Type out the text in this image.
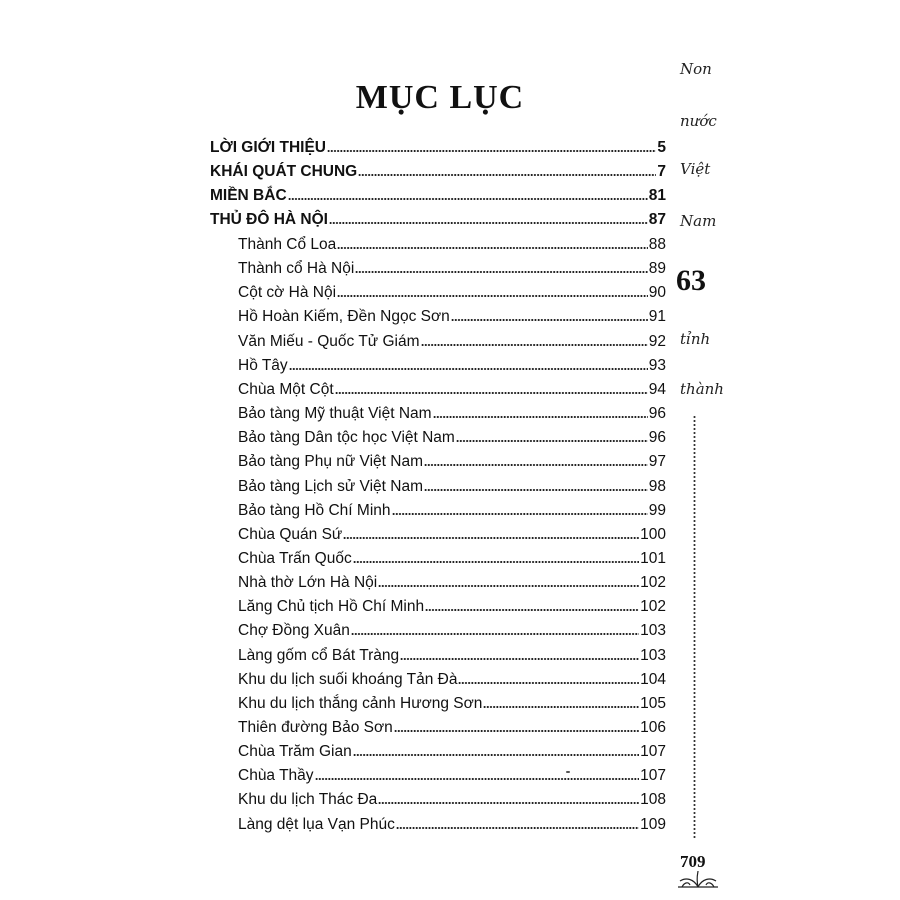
MỤC LỤC
LỜI GIỚI THIỆU	5
KHÁI QUÁT CHUNG	7
MIỀN BẮC	81
THỦ ĐÔ HÀ NỘI	87
Thành Cổ Loa	88
Thành cổ Hà Nội	89
Cột cờ Hà Nội	90
Hồ Hoàn Kiếm, Đền Ngọc Sơn	91
Văn Miếu - Quốc Tử Giám	92
Hồ Tây	93
Chùa Một Cột	94
Bảo tàng Mỹ thuật Việt Nam	96
Bảo tàng Dân tộc học Việt Nam	96
Bảo tàng Phụ nữ Việt Nam	97
Bảo tàng Lịch sử Việt Nam	98
Bảo tàng Hồ Chí Minh	99
Chùa Quán Sứ	100
Chùa Trấn Quốc	101
Nhà thờ Lớn Hà Nội	102
Lăng Chủ tịch Hồ Chí Minh	102
Chợ Đồng Xuân	103
Làng gốm cổ Bát Tràng	103
Khu du lịch suối khoáng Tản Đà	104
Khu du lịch thắng cảnh Hương Sơn	105
Thiên đường Bảo Sơn	106
Chùa Trăm Gian	107
Chùa Thầy	107
Khu du lịch Thác Đa	108
Làng dệt lụa Vạn Phúc	109
Non
nước
Việt
Nam
63
tỉnh
thành
709
